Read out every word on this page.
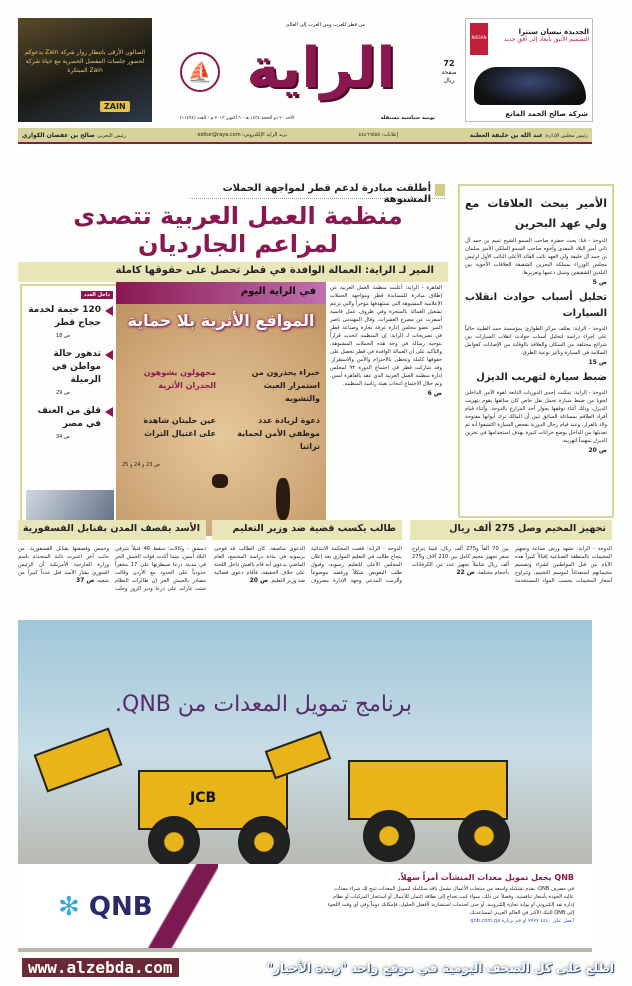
الصالون الأرقى بانتظار زوار شركة Zain يدعوكم لحضور جلسات المفضل الحصرية مع حياة شركة Zain المبتكرة
ZAIN
NISSAN
الجديدة نيسان سنترا
التصميم الأنيق بأبعاد إلى أفق جديد
شركة صالح الحمد المانع
الراية
⛵
من قطر للعرب ومن العرب إلى العالم
الأحد ٢٠ ذو الحجة ١٤٣٤ هـ - ٦ أكتوبر ٢٠١٣ م - العدد (١١٤٩٤)	يومية سياسية مستقلة
72
صفحة
ريال
رئيس مجلس الإدارة: عبد الله بن خليفة العطية
إعلانات: ٤٤٤٦٦٥٥٥
بريد الراية الإلكتروني: editor@raya.com
رئيس التحرير: صالح بن عفصان الكواري
أطلقت مبادرة لدعم قطر لمواجهة الحملات المشبوهة
منظمة العمل العربية تتصدى لمزاعم الجارديان
المير لـ الراية: العمالة الوافدة في قطر تحصل على حقوقها كاملة
داخل العدد
120 خيمة لخدمة حجاج قطر
ص 18
تدهور حالة مواطن في الرميلة
ص 29
قلق من العنف في مصر
ص 34
في الراية اليوم
المواقع الأثرية بلا حماية
خبراء يحذرون من استمرار العبث والتشويه
مجهولون يشوهون الجدران الأثرية
دعوة لزيادة عدد موظفي الأمن لحماية تراثنا
عين حليتان شاهدة على اغتيال التراث
ص 23 و 24 و 25
القاهرة - الراية: أعلنت منظمة العمل العربية عن إطلاق مبادرة للمساندة قطر ومواجهة الحملات الإعلامية المشبوهة التي تستهدفها مؤخراً والتي تزعم تشغيل العمالة بالسخرة وفي ظروف عمل قاسية أسفرت عن مصرع العشرات. وقال المهندس ناصر المير عضو مجلس إدارة غرفة تجارة وصناعة قطر في تصريحات لـ الراية: إن المنظمة اتخذت قراراً بتوجيه رسالة في وجه هذه الحملات المشبوهة، والتأكيد على أن العمالة الوافدة في قطر تحصل على حقوقها كاملة وتحظى بالاحترام والأمن والاستقرار. وقد شاركت قطر في اجتماع الدورة ٩٣ لمجلس إدارة منظمة العمل العربية الذي عقد بالقاهرة أمس. وتم خلال الاجتماع انتخاب هيئة رئاسة المنظمة.
ص 6
الأمير يبحث العلاقات مع ولي عهد البحرين
الدوحة - قنا: بحث حضرة صاحب السمو الشيخ تميم بن حمد آل ثاني أمير البلاد المفدى وأخوه صاحب السمو الملكي الأمير سلمان بن حمد آل خليفة ولي العهد نائب القائد الأعلى النائب الأول لرئيس مجلس الوزراء بمملكة البحرين الشقيقة العلاقات الأخوية بين البلدين الشقيقين وسبل دعمها وتعزيزها.
ص 5
تحليل أسباب حوادث انقلاب السيارات
الدوحة - الراية: يعكف مركز الطوارئ بمؤسسة حمد الطبية حالياً على إجراء دراسة لتحليل أسباب حوادث انقلاب السيارات بين شرائح مختلفة من السكان والعلاقة بالوقاية من الإصابات كعوامل السلامة في السيارة وتأثير نوعية الطرق.
ص 15
ضبط سيارة لتهريب الديزل
الدوحة - الراية: تمكنت إحدى الدوريات التابعة لقوة الأمن الداخلي لخويا من ضبط سيارة تحمل نقل خاص كان سائقها يقوم بتهريب الديزل، وذلك أثناء توقفها بجوار أحد المزارع بالدوحة. وأثناء قيام أفراد الطاقم بمساءلة السائق تبين أن المالك ترك أبوابها مفتوحة ولاذ بالفرار، وعند قيام رجال الدورية بفحص السيارة اكتشفوا أنه تم تعديلها من الداخل بوضع خزانات كبيرة بهدف استخدامها في تخزين الديزل تمهيداً لتهريبه.
ص 20
تجهيز المخيم وصل 275 ألف ريال
طالب يكسب قضية ضد وزير التعليم
الأسد يقصف المدن بقنابل الفسفورية
الدوحة - الراية: تشهد ورش صناعة وتجهيز المخيمات بالمنطقة الصناعية إقبالاً كبيراً هذه الأيام من قبل المواطنين لشراء وتصميم مخيماتهم استعداداً لموسم التخييم، وتتراوح أسعار المخيمات بحسب المواد المستخدمة بين 70 ألفاً و275 ألف ريال، فيما يتراوح سعر تجهيز مخيم كامل بين 210 آلاف و275 ألف ريال شاملاً تجهيز عدد من الكرفانات بأحجام مختلفة. ص 22
الدوحة - الراية: قضت المحكمة الابتدائية بنجاح طالب في التعليم الموازي بعد إعلان المجلس الأعلى للتعليم رسوبه، وقبول طلب التعويض شكلاً ورفضه موضوعاً وألزمت المدعي وجهة الإدارة مصروف الدعوى مناصفة. كان الطالب قد فوجئ برسوبه في مادة دراسة المجتمع، العام الماضي بدعوى أنه قام بالغش داخل اللجنة على خلاف الحقيقة، فأقام دعوى قضائية ضد وزير التعليم. ص 20
دمشق - وكالات: سقط 46 قتيلاً شرقي البلاد أمس، بينما أكدت قوات الجيش الحر في مدينة درعا سيطرتها على 17 مخفراً حدودياً على الحدود مع الأردن وقالت مصادر بالجيش الحر إن طائرات النظام شنت غارات على درعا ودير الزور وحلب وحمص وقصفتها بقنابل الفسفورية. من جانب آخر اعتبرت نائبة المتحدثة باسم وزارة الخارجية الأمريكية أن الرئيس السوري بشار الأسد قتل عدداً كبيراً من شعبه. ص 37
برنامج تمويل المعدات من QNB.
JCB
✻ QNB
QNB يجعل تمويل معدات المنشآت أمراً سهلاً.
في مصرف QNB، نقدم تشكيلة واسعة من منتجات الأعمال تشمل باقة متكاملة لتمويل المعدات تتيح لك شراء معدات عالية الجودة بأسعار تنافسية. وفضلاً عن ذلك، سواء كنت تحتاج إلى بطاقة ائتمان للأعمال أو استئجار المركبات أو نظام إدارة نقد إلكتروني أو بوابة تجارة إلكترونية، أو حتى لخدمات استشارية لأفضل الحلول، فإمكانك دوماً وفي أي وقت اللجوء إلى QNB البنك الأكبر في العالم العربي لمساعدتك.
اتصل على ٤٤٤٠ ٧٧٧٧ أو قم بزيارة qnb.com.qa
www.alzebda.com	اطلع على كل الصحف اليومية في موقع واحد "زبدة الأخبار"
